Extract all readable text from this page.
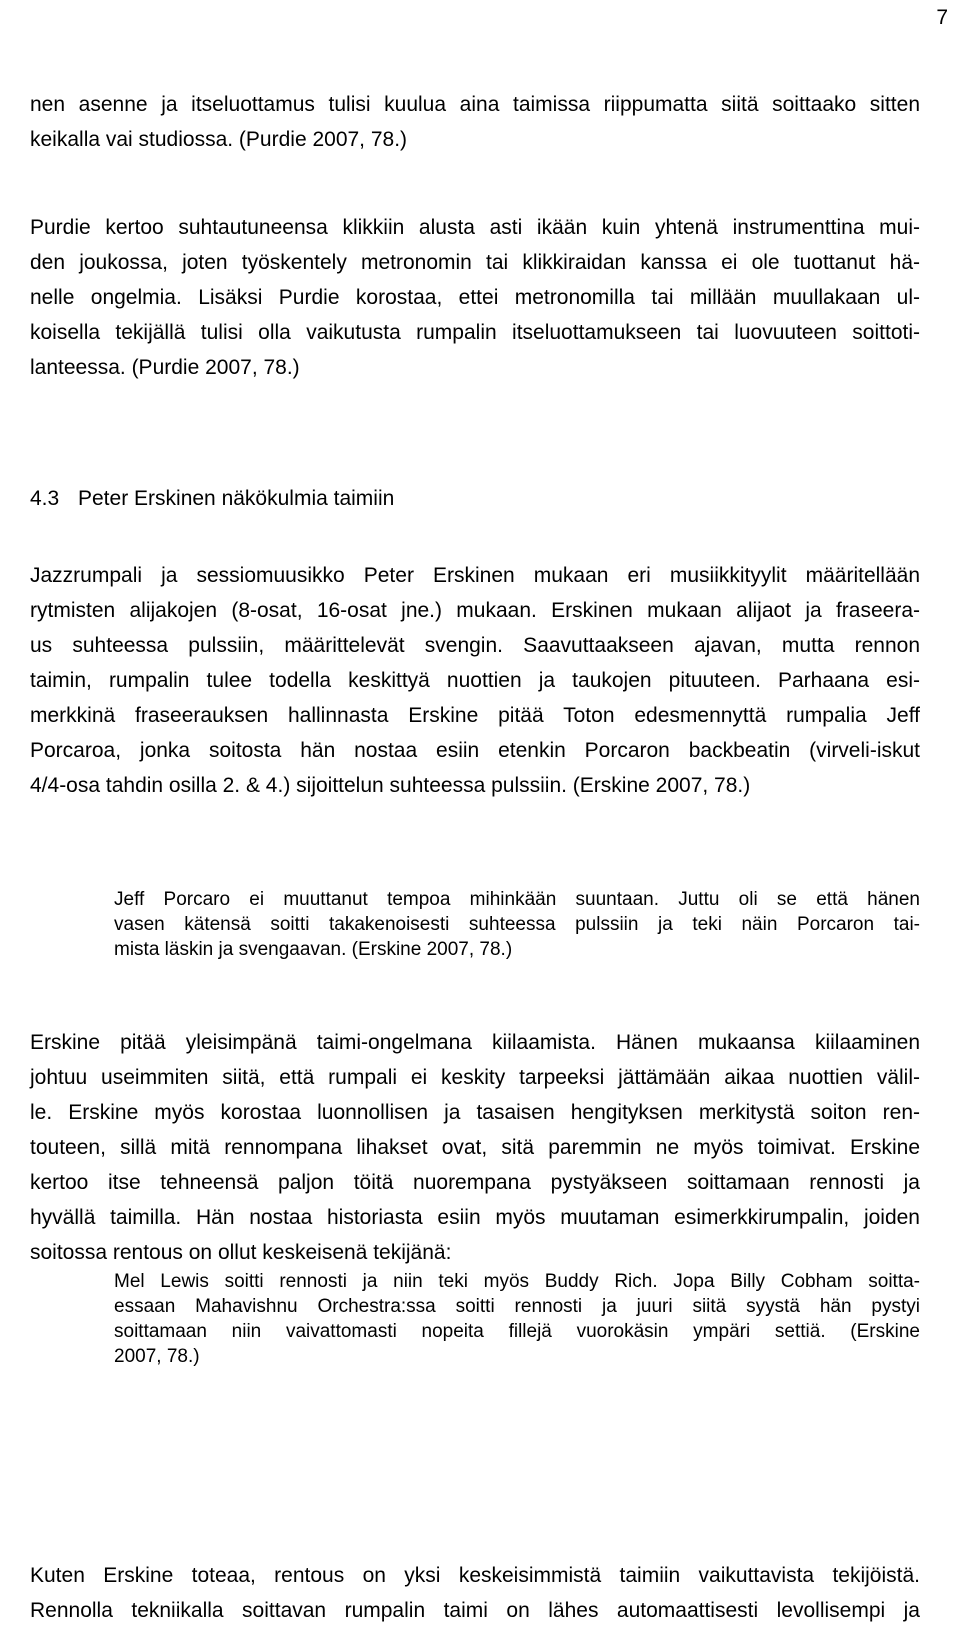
7
nen asenne ja itseluottamus tulisi kuulua aina taimissa riippumatta siitä soittaako sitten
keikalla vai studiossa. (Purdie 2007, 78.)
Purdie kertoo suhtautuneensa klikkiin alusta asti ikään kuin yhtenä instrumenttina mui-
den joukossa, joten työskentely metronomin tai klikkiraidan kanssa ei ole tuottanut hä-
nelle ongelmia. Lisäksi Purdie korostaa, ettei metronomilla tai millään muullakaan ul-
koisella tekijällä tulisi olla vaikutusta rumpalin itseluottamukseen tai luovuuteen soittoti-
lanteessa. (Purdie 2007, 78.)
4.3 Peter Erskinen näkökulmia taimiin
Jazzrumpali ja sessiomuusikko Peter Erskinen mukaan eri musiikkityylit määritellään
rytmisten alijakojen (8-osat, 16-osat jne.) mukaan. Erskinen mukaan alijaot ja fraseera-
us suhteessa pulssiin, määrittelevät svengin. Saavuttaakseen ajavan, mutta rennon
taimin, rumpalin tulee todella keskittyä nuottien ja taukojen pituuteen. Parhaana esi-
merkkinä fraseerauksen hallinnasta Erskine pitää Toton edesmennyttä rumpalia Jeff
Porcaroa, jonka soitosta hän nostaa esiin etenkin Porcaron backbeatin (virveli-iskut
4/4-osa tahdin osilla 2. & 4.) sijoittelun suhteessa pulssiin. (Erskine 2007, 78.)
Jeff Porcaro ei muuttanut tempoa mihinkään suuntaan. Juttu oli se että hänen
vasen kätensä soitti takakenoisesti suhteessa pulssiin ja teki näin Porcaron tai-
mista läskin ja svengaavan. (Erskine 2007, 78.)
Erskine pitää yleisimpänä taimi-ongelmana kiilaamista. Hänen mukaansa kiilaaminen
johtuu useimmiten siitä, että rumpali ei keskity tarpeeksi jättämään aikaa nuottien välil-
le. Erskine myös korostaa luonnollisen ja tasaisen hengityksen merkitystä soiton ren-
touteen, sillä mitä rennompana lihakset ovat, sitä paremmin ne myös toimivat. Erskine
kertoo itse tehneensä paljon töitä nuorempana pystyäkseen soittamaan rennosti ja
hyvällä taimilla. Hän nostaa historiasta esiin myös muutaman esimerkkirumpalin, joiden
soitossa rentous on ollut keskeisenä tekijänä:
Mel Lewis soitti rennosti ja niin teki myös Buddy Rich. Jopa Billy Cobham soitta-
essaan Mahavishnu Orchestra:ssa soitti rennosti ja juuri siitä syystä hän pystyi
soittamaan niin vaivattomasti nopeita fillejä vuorokäsin ympäri settiä. (Erskine
2007, 78.)
Kuten Erskine toteaa, rentous on yksi keskeisimmistä taimiin vaikuttavista tekijöistä.
Rennolla tekniikalla soittavan rumpalin taimi on lähes automaattisesti levollisempi ja
